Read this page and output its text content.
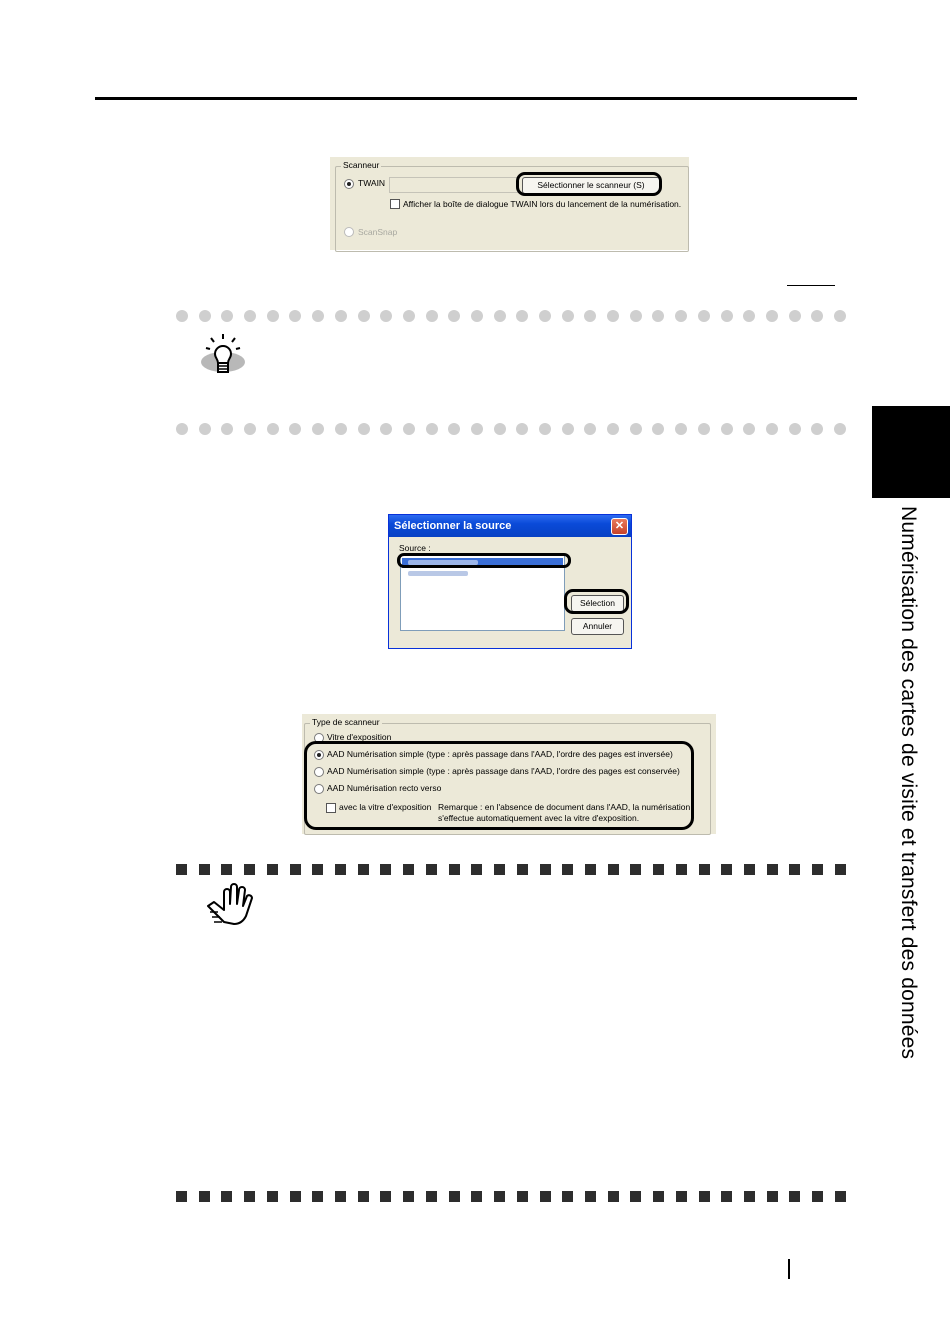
Scanneur
TWAIN	Sélectionner le scanneur (S)
Afficher la boîte de dialogue TWAIN lors du lancement de la numérisation.
ScanSnap
Numérisation des cartes de visite et transfert des données
Sélectionner la source	✕
Source :
Sélection
Annuler
Type de scanneur
Vitre d'exposition
AAD Numérisation simple (type : après passage dans l'AAD, l'ordre des pages est inversée)
AAD Numérisation simple (type : après passage dans l'AAD, l'ordre des pages est conservée)
AAD Numérisation recto verso
avec la vitre d'exposition Remarque : en l'absence de document dans l'AAD, la numérisation
s'effectue automatiquement avec la vitre d'exposition.
